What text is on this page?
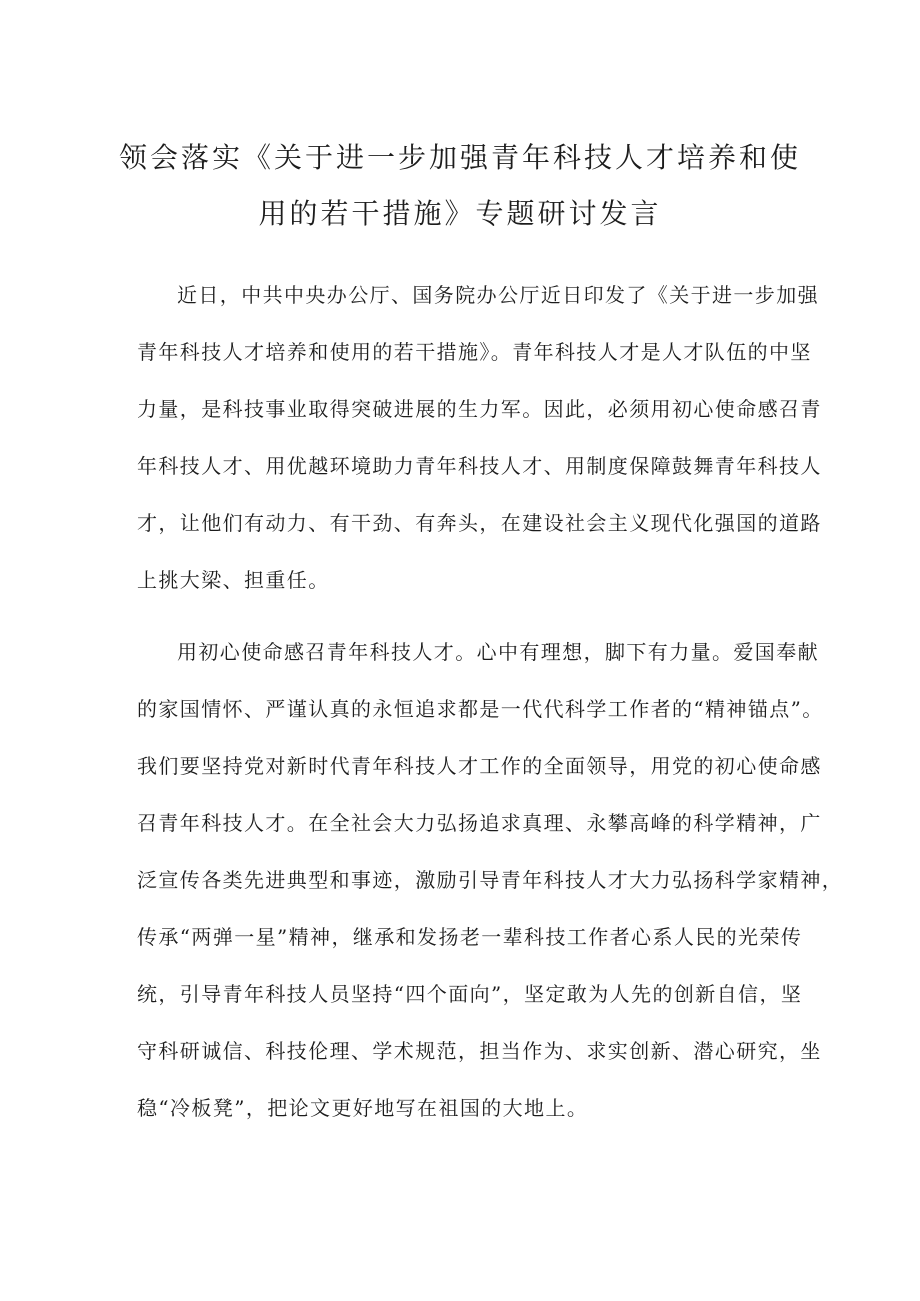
领会落实《关于进一步加强青年科技人才培养和使
用的若干措施》专题研讨发言
近日，中共中央办公厅、国务院办公厅近日印发了《关于进一步加强
青年科技人才培养和使用的若干措施》。青年科技人才是人才队伍的中坚
力量，是科技事业取得突破进展的生力军。因此，必须用初心使命感召青
年科技人才、用优越环境助力青年科技人才、用制度保障鼓舞青年科技人
才，让他们有动力、有干劲、有奔头，在建设社会主义现代化强国的道路
上挑大梁、担重任。
用初心使命感召青年科技人才。心中有理想，脚下有力量。爱国奉献
的家国情怀、严谨认真的永恒追求都是一代代科学工作者的“精神锚点”。
我们要坚持党对新时代青年科技人才工作的全面领导，用党的初心使命感
召青年科技人才。在全社会大力弘扬追求真理、永攀高峰的科学精神，广
泛宣传各类先进典型和事迹，激励引导青年科技人才大力弘扬科学家精神，
传承“两弹一星”精神，继承和发扬老一辈科技工作者心系人民的光荣传
统，引导青年科技人员坚持“四个面向”，坚定敢为人先的创新自信，坚
守科研诚信、科技伦理、学术规范，担当作为、求实创新、潜心研究，坐
稳“冷板凳”，把论文更好地写在祖国的大地上。
